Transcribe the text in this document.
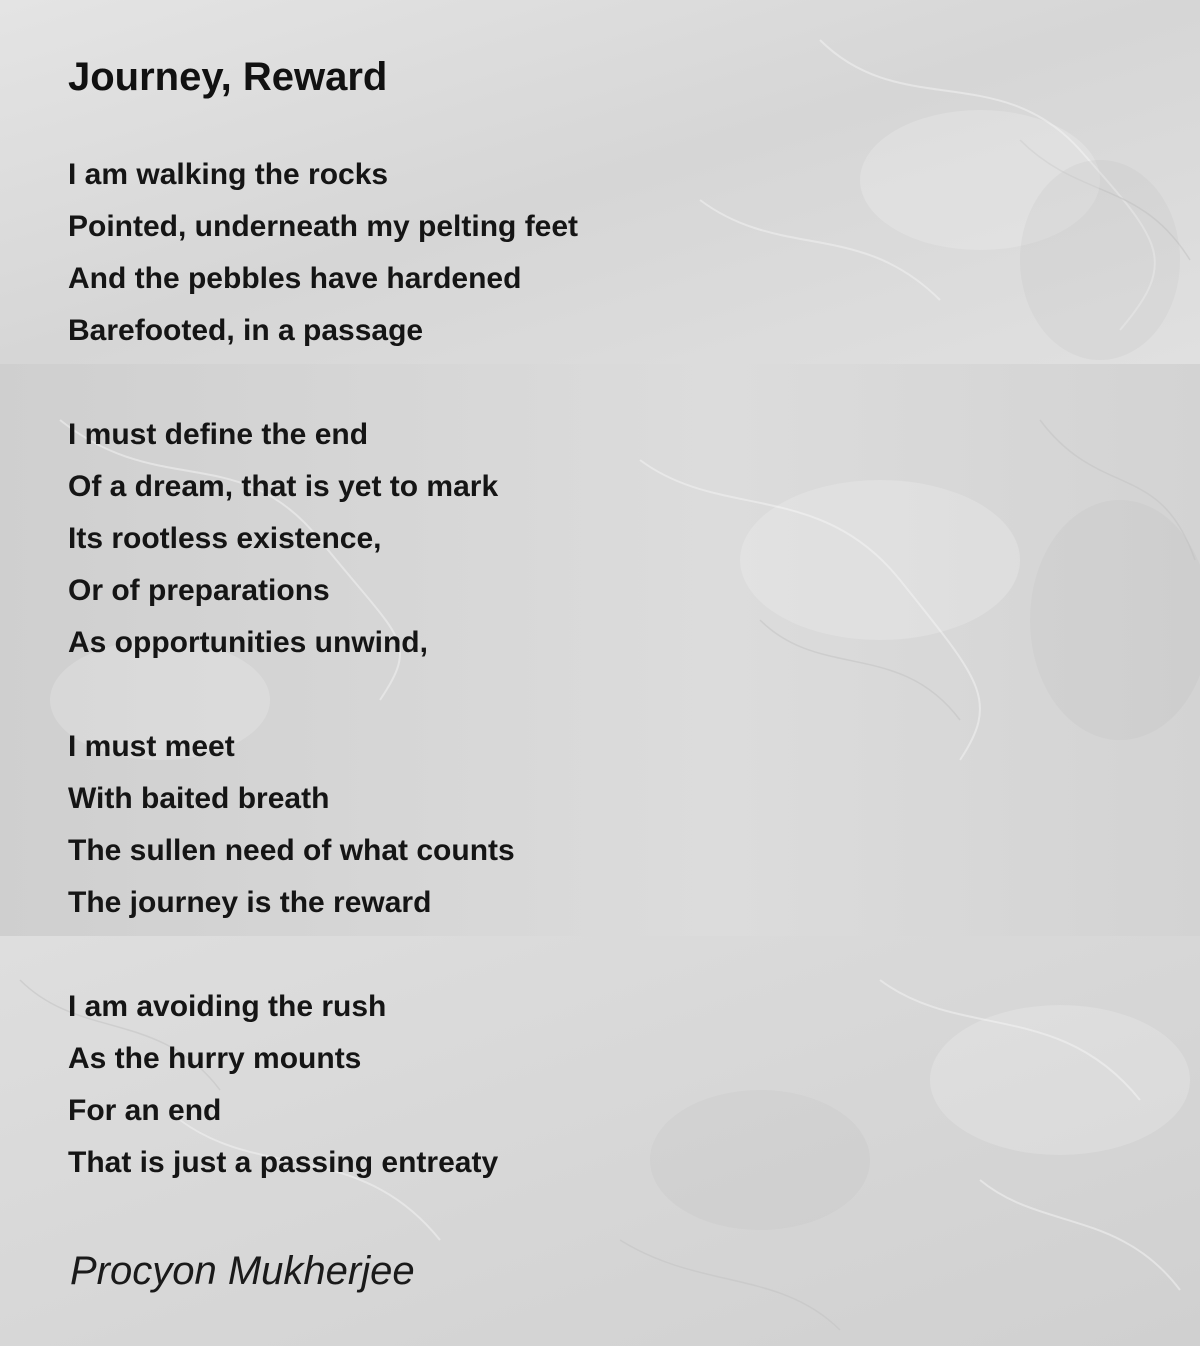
Journey, Reward
I am walking the rocks
Pointed, underneath my pelting feet
And the pebbles have hardened
Barefooted, in a passage
I must define the end
Of a dream, that is yet to mark
Its rootless existence,
Or of preparations
As opportunities unwind,
I must meet
With baited breath
The sullen need of what counts
The journey is the reward
I am avoiding the rush
As the hurry mounts
For an end
That is just a passing entreaty

Procyon Mukherjee
